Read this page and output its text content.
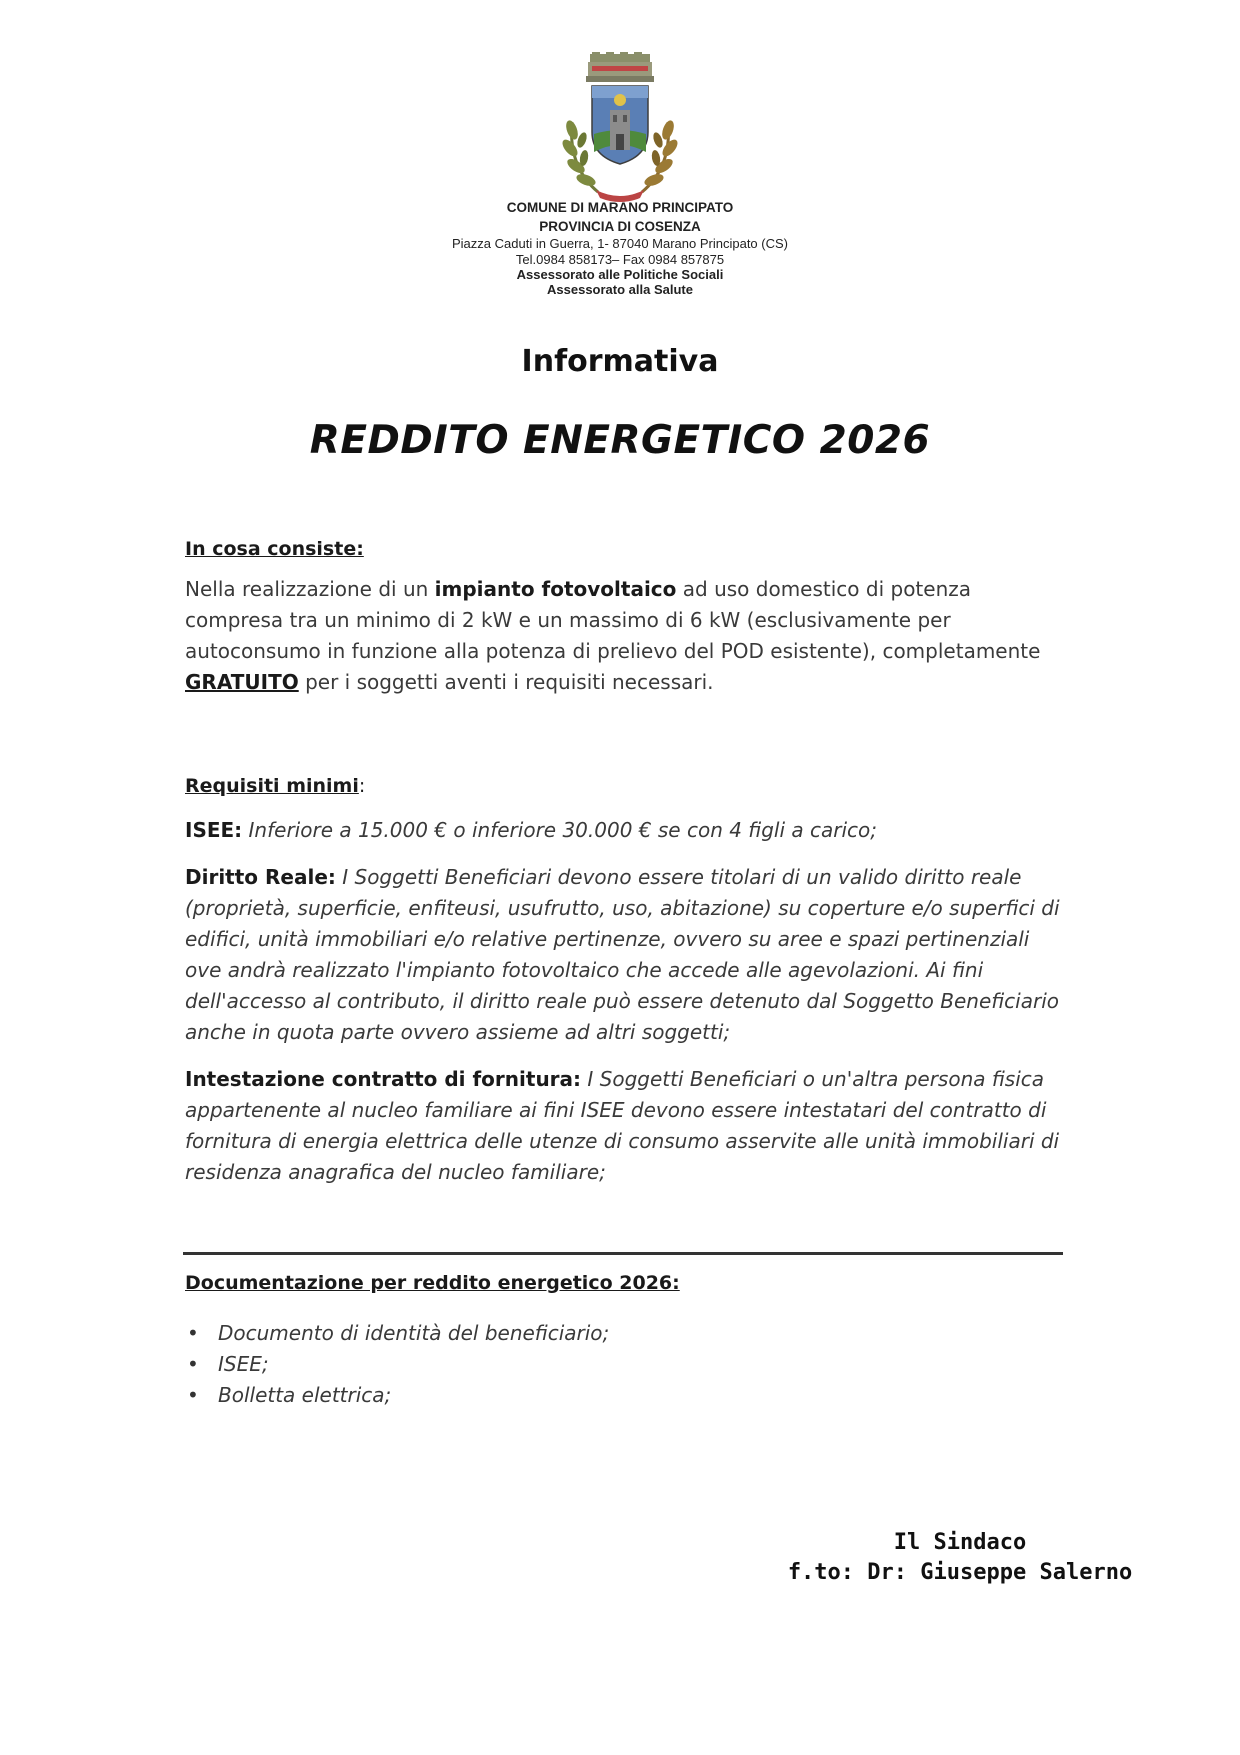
COMUNE DI MARANO PRINCIPATO
PROVINCIA DI COSENZA
Piazza Caduti in Guerra, 1- 87040 Marano Principato (CS)
Tel.0984 858173– Fax 0984 857875
Assessorato alle Politiche Sociali
Assessorato alla Salute
Informativa
REDDITO ENERGETICO 2026
In cosa consiste:
Nella realizzazione di un impianto fotovoltaico ad uso domestico di potenza compresa tra un minimo di 2 kW e un massimo di 6 kW (esclusivamente per autoconsumo in funzione alla potenza di prelievo del POD esistente), completamente GRATUITO per i soggetti aventi i requisiti necessari.
Requisiti minimi:
ISEE: Inferiore a 15.000 € o inferiore 30.000 € se con 4 figli a carico;
Diritto Reale: I Soggetti Beneficiari devono essere titolari di un valido diritto reale (proprietà, superficie, enfiteusi, usufrutto, uso, abitazione) su coperture e/o superfici di edifici, unità immobiliari e/o relative pertinenze, ovvero su aree e spazi pertinenziali ove andrà realizzato l'impianto fotovoltaico che accede alle agevolazioni. Ai fini dell'accesso al contributo, il diritto reale può essere detenuto dal Soggetto Beneficiario anche in quota parte ovvero assieme ad altri soggetti;
Intestazione contratto di fornitura: I Soggetti Beneficiari o un'altra persona fisica appartenente al nucleo familiare ai fini ISEE devono essere intestatari del contratto di fornitura di energia elettrica delle utenze di consumo asservite alle unità immobiliari di residenza anagrafica del nucleo familiare;
Documentazione per reddito energetico 2026:
• Documento di identità del beneficiario;
• ISEE;
• Bolletta elettrica;
Il Sindaco
f.to: Dr: Giuseppe Salerno
